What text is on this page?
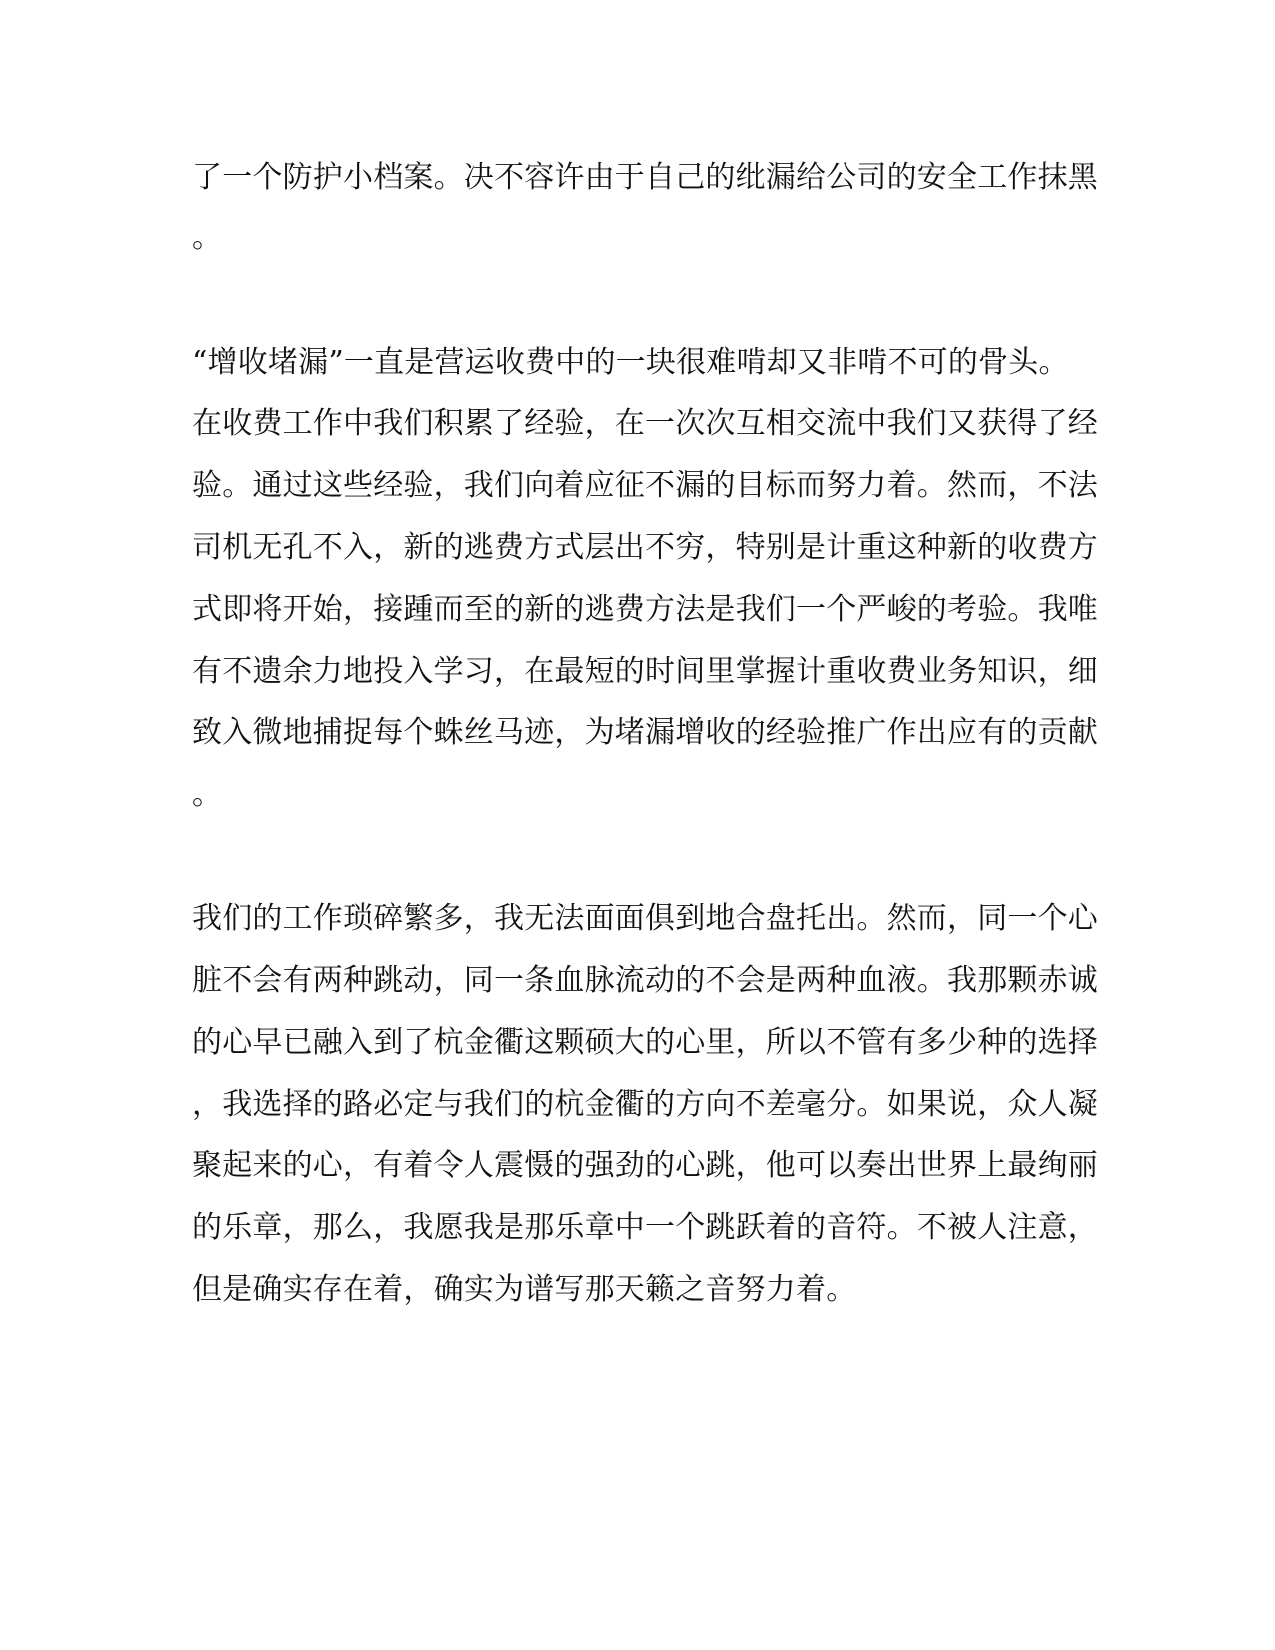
了一个防护小档案。决不容许由于自己的纰漏给公司的安全工作抹黑
。
“增收堵漏”一直是营运收费中的一块很难啃却又非啃不可的骨头。
在收费工作中我们积累了经验，在一次次互相交流中我们又获得了经
验。通过这些经验，我们向着应征不漏的目标而努力着。然而，不法
司机无孔不入，新的逃费方式层出不穷，特别是计重这种新的收费方
式即将开始，接踵而至的新的逃费方法是我们一个严峻的考验。我唯
有不遗余力地投入学习，在最短的时间里掌握计重收费业务知识，细
致入微地捕捉每个蛛丝马迹，为堵漏增收的经验推广作出应有的贡献
。
我们的工作琐碎繁多，我无法面面俱到地合盘托出。然而，同一个心
脏不会有两种跳动，同一条血脉流动的不会是两种血液。我那颗赤诚
的心早已融入到了杭金衢这颗硕大的心里，所以不管有多少种的选择
，我选择的路必定与我们的杭金衢的方向不差毫分。如果说，众人凝
聚起来的心，有着令人震慑的强劲的心跳，他可以奏出世界上最绚丽
的乐章，那么，我愿我是那乐章中一个跳跃着的音符。不被人注意，
但是确实存在着，确实为谱写那天籁之音努力着。
